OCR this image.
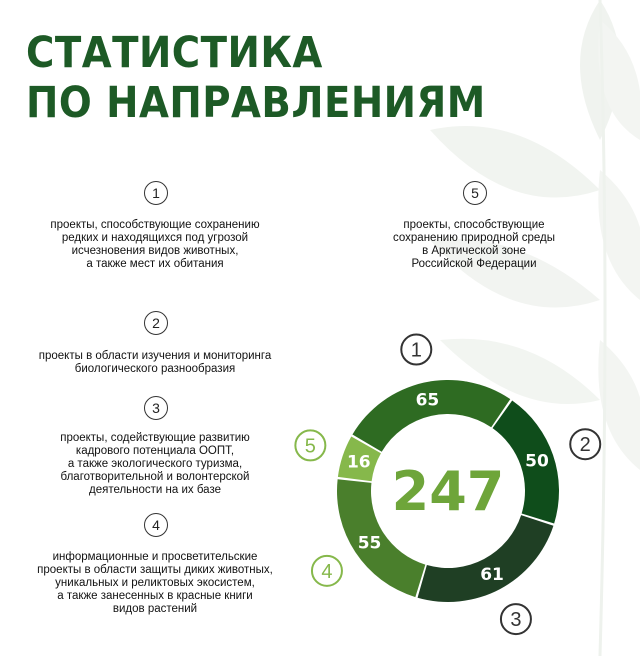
СТАТИСТИКА
ПО НАПРАВЛЕНИЯМ
1
проекты, способствующие сохранению
редких и находящихся под угрозой
исчезновения видов животных,
а также мест их обитания
5
проекты, способствующие
сохранению природной среды
в Арктической зоне
Российской Федерации
2
проекты в области изучения и мониторинга
биологического разнообразия
3
проекты, содействующие развитию
кадрового потенциала ООПТ,
а также экологического туризма,
благотворительной и волонтерской
деятельности на их базе
4
информационные и просветительские
проекты в области защиты диких животных,
уникальных и реликтовых экосистем,
а также занесенных в красные книги
видов растений
65
50
61
55
16
1
2
3
4
5
247
